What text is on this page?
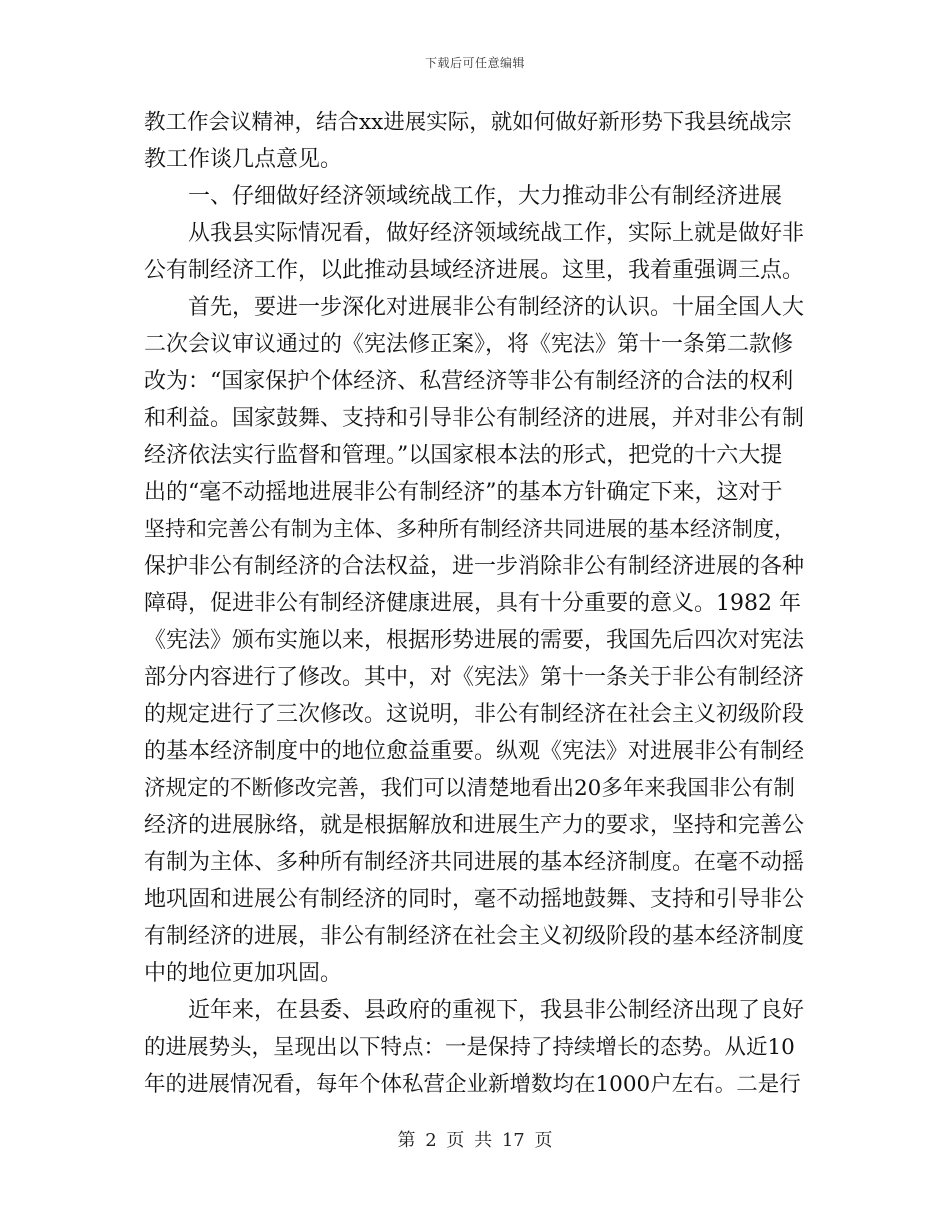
下载后可任意编辑
教工作会议精神，结合xx进展实际，就如何做好新形势下我县统战宗
教工作谈几点意见。
　　一、仔细做好经济领域统战工作，大力推动非公有制经济进展
　　从我县实际情况看，做好经济领域统战工作，实际上就是做好非
公有制经济工作，以此推动县域经济进展。这里，我着重强调三点。
　　首先，要进一步深化对进展非公有制经济的认识。十届全国人大
二次会议审议通过的《宪法修正案》，将《宪法》第十一条第二款修
改为：“国家保护个体经济、私营经济等非公有制经济的合法的权利
和利益。国家鼓舞、支持和引导非公有制经济的进展，并对非公有制
经济依法实行监督和管理。”以国家根本法的形式，把党的十六大提
出的“毫不动摇地进展非公有制经济”的基本方针确定下来，这对于
坚持和完善公有制为主体、多种所有制经济共同进展的基本经济制度，
保护非公有制经济的合法权益，进一步消除非公有制经济进展的各种
障碍，促进非公有制经济健康进展，具有十分重要的意义。1982 年
《宪法》颁布实施以来，根据形势进展的需要，我国先后四次对宪法
部分内容进行了修改。其中，对《宪法》第十一条关于非公有制经济
的规定进行了三次修改。这说明，非公有制经济在社会主义初级阶段
的基本经济制度中的地位愈益重要。纵观《宪法》对进展非公有制经
济规定的不断修改完善，我们可以清楚地看出20多年来我国非公有制
经济的进展脉络，就是根据解放和进展生产力的要求，坚持和完善公
有制为主体、多种所有制经济共同进展的基本经济制度。在毫不动摇
地巩固和进展公有制经济的同时，毫不动摇地鼓舞、支持和引导非公
有制经济的进展，非公有制经济在社会主义初级阶段的基本经济制度
中的地位更加巩固。
　　近年来，在县委、县政府的重视下，我县非公制经济出现了良好
的进展势头，呈现出以下特点：一是保持了持续增长的态势。从近10
年的进展情况看，每年个体私营企业新增数均在1000户左右。二是行
第 2 页 共 17 页
